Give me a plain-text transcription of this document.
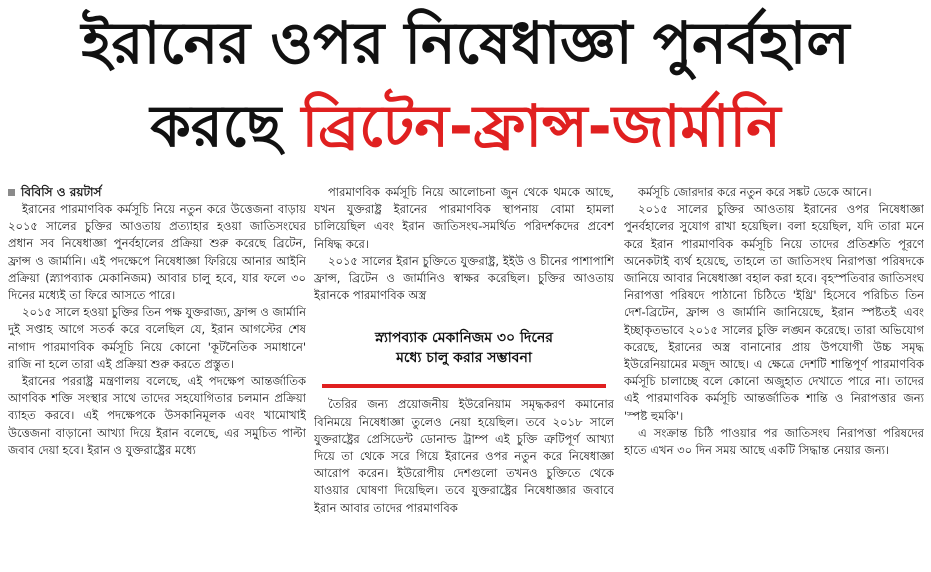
ইরানের ওপর নিষেধাজ্ঞা পুনর্বহাল
করছে ব্রিটেন-ফ্রান্স-জার্মানি
বিবিসি ও রয়টার্স

ইরানের পারমাণবিক কর্মসূচি নিয়ে নতুন করে উত্তেজনা বাড়ায় ২০১৫ সালের চুক্তির আওতায় প্রত্যাহার হওয়া জাতিসংঘের প্রধান সব নিষেধাজ্ঞা পুনর্বহালের প্রক্রিয়া শুরু করেছে ব্রিটেন, ফ্রান্স ও জার্মানি। এই পদক্ষেপে নিষেধাজ্ঞা ফিরিয়ে আনার আইনি প্রক্রিয়া (স্ন্যাপব্যাক মেকানিজম) আবার চালু হবে, যার ফলে ৩০ দিনের মধ্যেই তা ফিরে আসতে পারে।

২০১৫ সালে হওয়া চুক্তির তিন পক্ষ যুক্তরাজ্য, ফ্রান্স ও জার্মানি দুই সপ্তাহ আগে সতর্ক করে বলেছিল যে, ইরান আগস্টের শেষ নাগাদ পারমাণবিক কর্মসূচি নিয়ে কোনো 'কূটনৈতিক সমাধানে' রাজি না হলে তারা এই প্রক্রিয়া শুরু করতে প্রস্তুত।

ইরানের পররাষ্ট্র মন্ত্রণালয় বলেছে, এই পদক্ষেপ আন্তর্জাতিক আণবিক শক্তি সংস্থার সাথে তাদের সহযোগিতার চলমান প্রক্রিয়া ব্যাহত করবে। এই পদক্ষেপকে উসকানিমূলক এবং খামোখাই উত্তেজনা বাড়ানো আখ্যা দিয়ে ইরান বলেছে, এর সমুচিত পাল্টা জবাব দেয়া হবে। ইরান ও যুক্তরাষ্ট্রের মধ্যে

পারমাণবিক কর্মসূচি নিয়ে আলোচনা জুন থেকে থমকে আছে, যখন যুক্তরাষ্ট্র ইরানের পারমাণবিক স্থাপনায় বোমা হামলা চালিয়েছিল এবং ইরান জাতিসংঘ-সমর্থিত পরিদর্শকদের প্রবেশ নিষিদ্ধ করে।

২০১৫ সালের ইরান চুক্তিতে যুক্তরাষ্ট্র, ইইউ ও চীনের পাশাপাশি ফ্রান্স, ব্রিটেন ও জার্মানিও স্বাক্ষর করেছিল। চুক্তির আওতায় ইরানকে পারমাণবিক অস্ত্র

স্ন্যাপব্যাক মেকানিজম ৩০ দিনের
মধ্যে চালু করার সম্ভাবনা

তৈরির জন্য প্রয়োজনীয় ইউরেনিয়াম সমৃদ্ধকরণ কমানোর বিনিময়ে নিষেধাজ্ঞা তুলেও নেয়া হয়েছিল। তবে ২০১৮ সালে যুক্তরাষ্ট্রের প্রেসিডেন্ট ডোনাল্ড ট্রাম্প এই চুক্তি ত্রুটিপূর্ণ আখ্যা দিয়ে তা থেকে সরে গিয়ে ইরানের ওপর নতুন করে নিষেধাজ্ঞা আরোপ করেন। ইউরোপীয় দেশগুলো তখনও চুক্তিতে থেকে যাওয়ার ঘোষণা দিয়েছিল। তবে যুক্তরাষ্ট্রের নিষেধাজ্ঞার জবাবে ইরান আবার তাদের পারমাণবিক

কর্মসূচি জোরদার করে নতুন করে সঙ্কট ডেকে আনে।

২০১৫ সালের চুক্তির আওতায় ইরানের ওপর নিষেধাজ্ঞা পুনর্বহালের সুযোগ রাখা হয়েছিল। বলা হয়েছিল, যদি তারা মনে করে ইরান পারমাণবিক কর্মসূচি নিয়ে তাদের প্রতিশ্রুতি পূরণে অনেকটাই ব্যর্থ হয়েছে, তাহলে তা জাতিসংঘ নিরাপত্তা পরিষদকে জানিয়ে আবার নিষেধাজ্ঞা বহাল করা হবে। বৃহস্পতিবার জাতিসংঘ নিরাপত্তা পরিষদে পাঠানো চিঠিতে 'ইথ্রি' হিসেবে পরিচিত তিন দেশ-ব্রিটেন, ফ্রান্স ও জার্মানি জানিয়েছে, ইরান স্পষ্টতই এবং ইচ্ছাকৃতভাবে ২০১৫ সালের চুক্তি লঙ্ঘন করেছে। তারা অভিযোগ করেছে, ইরানের অস্ত্র বানানোর প্রায় উপযোগী উচ্চ সমৃদ্ধ ইউরেনিয়ামের মজুদ আছে। এ ক্ষেত্রে দেশটি শান্তিপূর্ণ পারমাণবিক কর্মসূচি চালাচ্ছে বলে কোনো অজুহাত দেখাতে পারে না। তাদের এই পারমাণবিক কর্মসূচি আন্তর্জাতিক শান্তি ও নিরাপত্তার জন্য 'স্পষ্ট হুমকি'।

এ সংক্রান্ত চিঠি পাওয়ার পর জাতিসংঘ নিরাপত্তা পরিষদের হাতে এখন ৩০ দিন সময় আছে একটি সিদ্ধান্ত নেয়ার জন্য।
